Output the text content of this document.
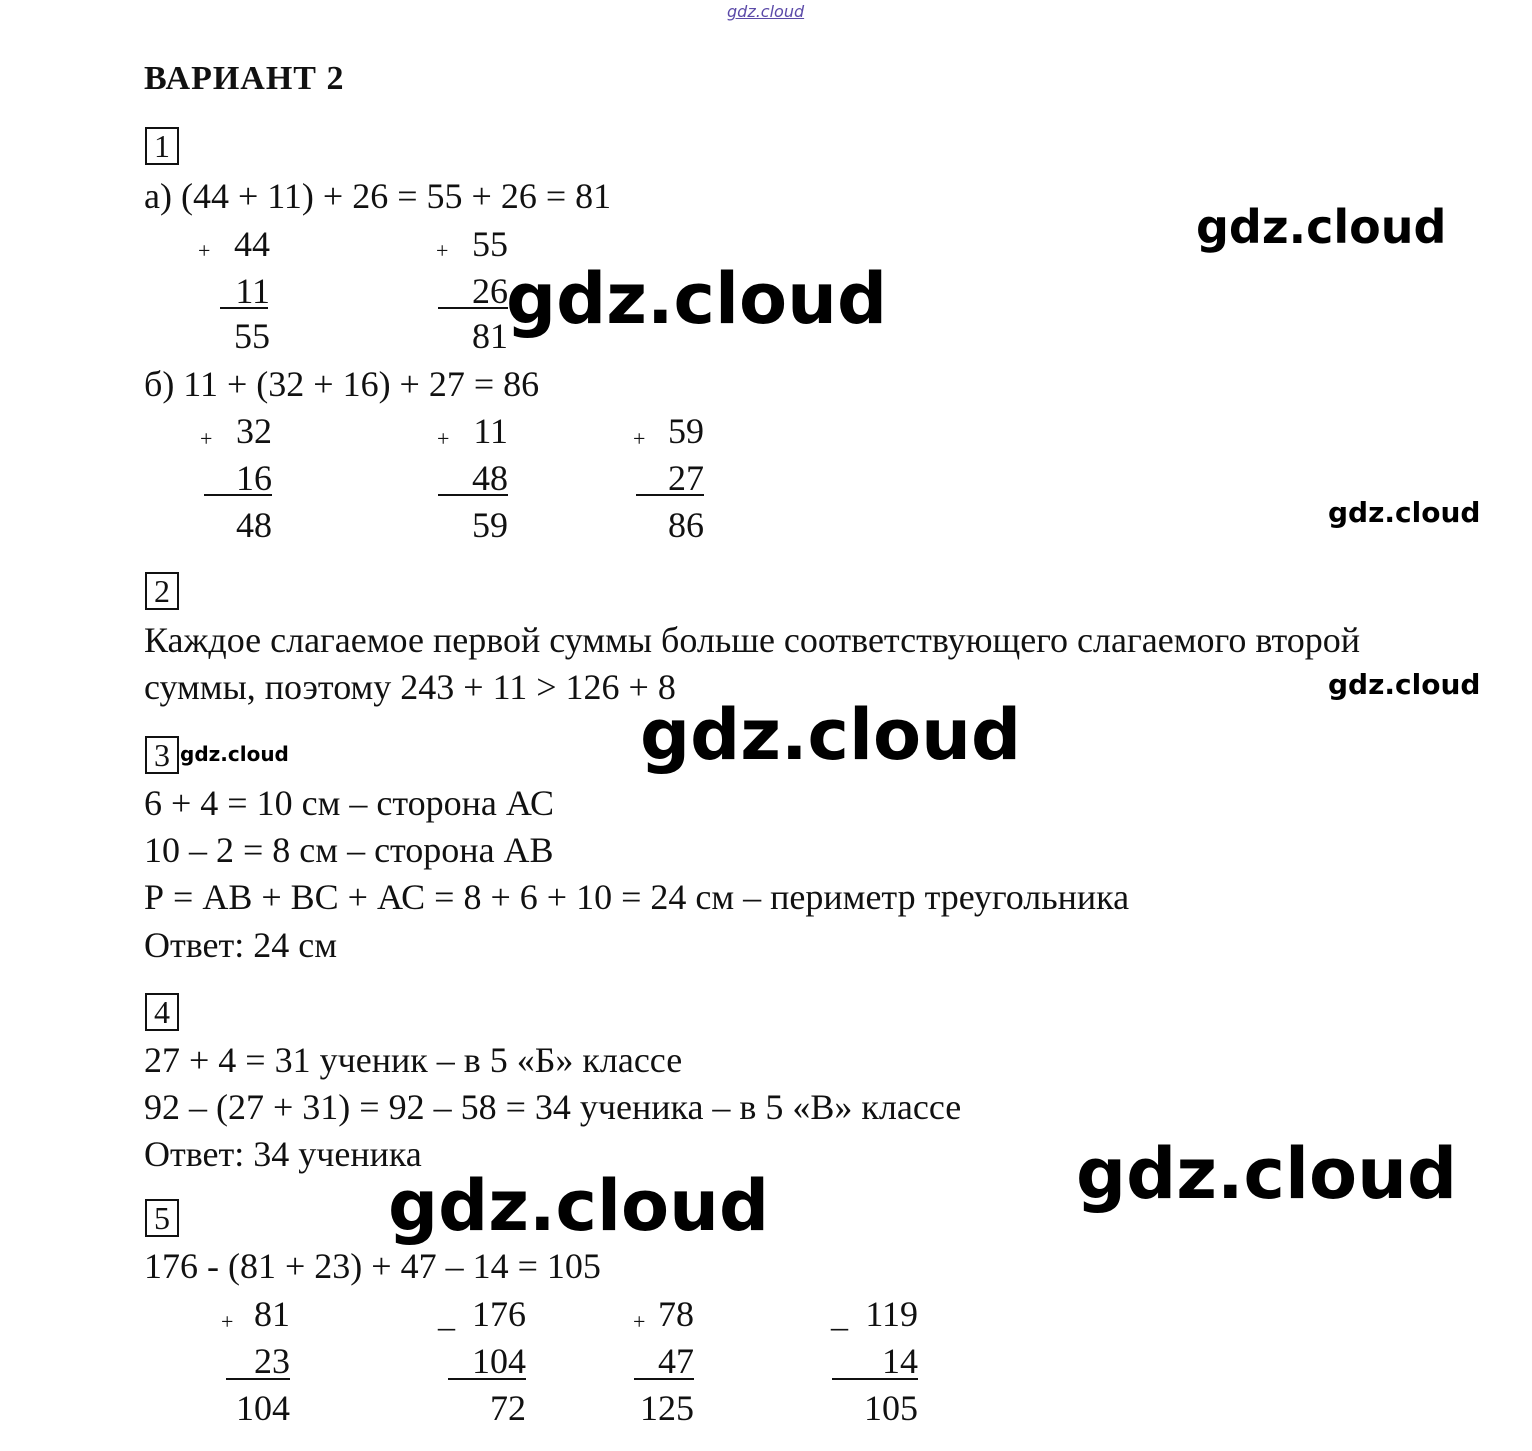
gdz.cloud
ВАРИАНТ 2
1
а) (44 + 11) + 26 = 55 + 26 = 81
+ 44
11
55
+ 55
26
81
б) 11 + (32 + 16) + 27 = 86
+ 32
16
48
+ 11
48
59
+ 59
27
86
2
Каждое слагаемое первой суммы больше соответствующего слагаемого второй
суммы, поэтому 243 + 11 > 126 + 8
3
6 + 4 = 10 см – сторона АС
10 – 2 = 8 см – сторона АВ
Р = АВ + ВС + АС = 8 + 6 + 10 = 24 см – периметр треугольника
Ответ: 24 см
4
27 + 4 = 31 ученик – в 5 «Б» классе
92 – (27 + 31) = 92 – 58 = 34 ученика – в 5 «В» классе
Ответ: 34 ученика
5
176 - (81 + 23) + 47 – 14 = 105
+ 81
23
104
_ 176
104
72
+ 78
47
125
_ 119
14
105
gdz.cloud
gdz.cloud
gdz.cloud
gdz.cloud
gdz.cloud
gdz.cloud
gdz.cloud
gdz.cloud
